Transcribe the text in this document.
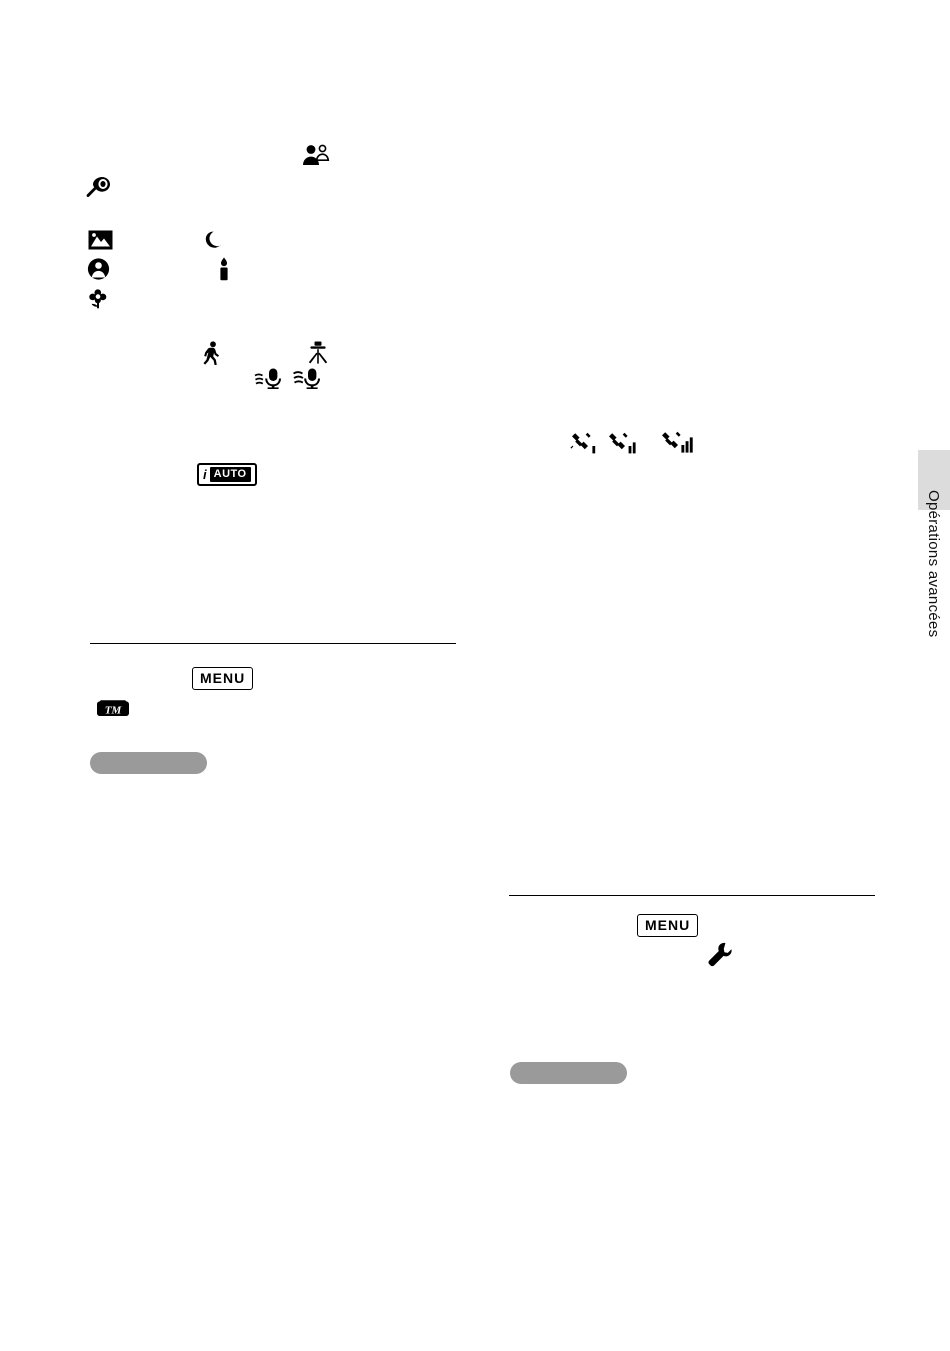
Opérations avancées
i AUTO
MENU
TM
MENU
